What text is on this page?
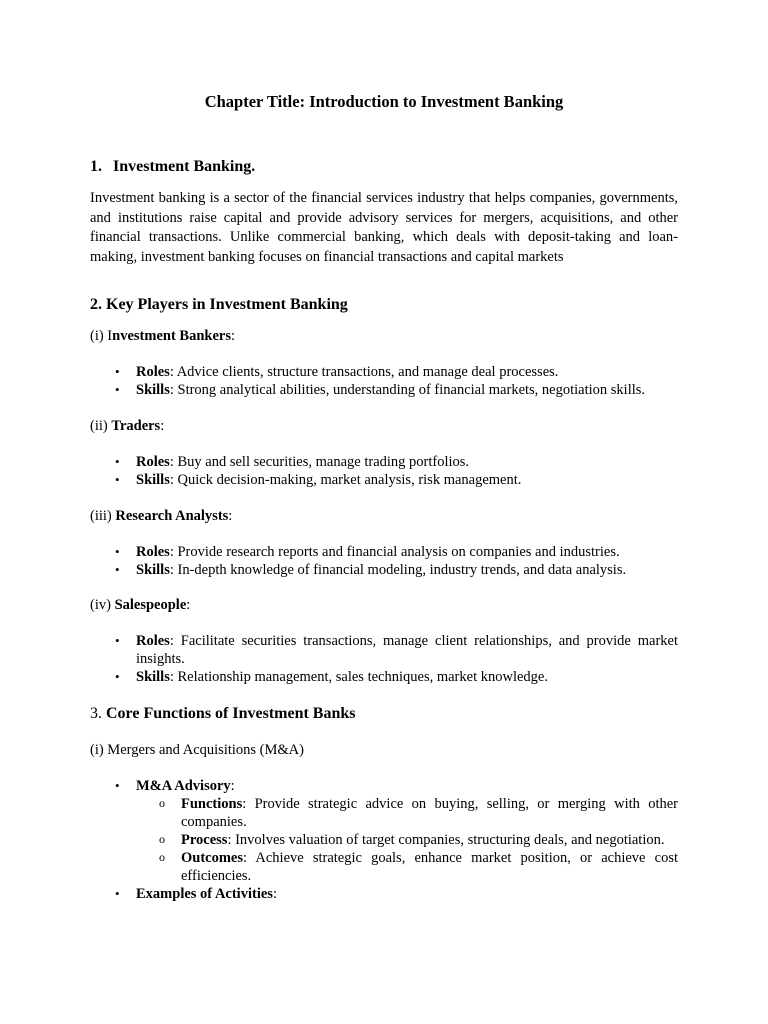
Chapter Title: Introduction to Investment Banking
1. Investment Banking.

Investment banking is a sector of the financial services industry that helps companies, governments, and institutions raise capital and provide advisory services for mergers, acquisitions, and other financial transactions. Unlike commercial banking, which deals with deposit-taking and loan-making, investment banking focuses on financial transactions and capital markets

2. Key Players in Investment Banking
(i) Investment Bankers:
• Roles: Advice clients, structure transactions, and manage deal processes.
• Skills: Strong analytical abilities, understanding of financial markets, negotiation skills.
(ii) Traders:
• Roles: Buy and sell securities, manage trading portfolios.
• Skills: Quick decision-making, market analysis, risk management.
(iii) Research Analysts:
• Roles: Provide research reports and financial analysis on companies and industries.
• Skills: In-depth knowledge of financial modeling, industry trends, and data analysis.
(iv) Salespeople:
• Roles: Facilitate securities transactions, manage client relationships, and provide market insights.
• Skills: Relationship management, sales techniques, market knowledge.
3. Core Functions of Investment Banks
(i) Mergers and Acquisitions (M&A)
• M&A Advisory:
o Functions: Provide strategic advice on buying, selling, or merging with other companies.
o Process: Involves valuation of target companies, structuring deals, and negotiation.
o Outcomes: Achieve strategic goals, enhance market position, or achieve cost efficiencies.
• Examples of Activities:
